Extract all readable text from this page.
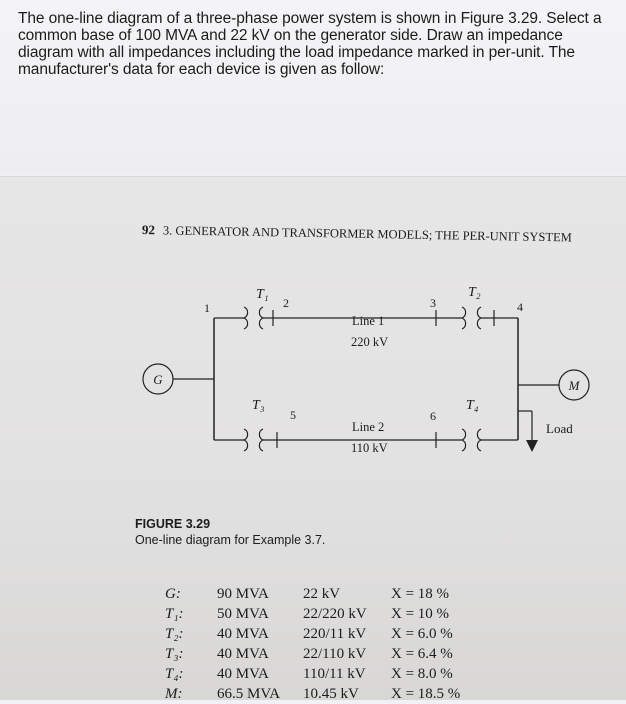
The one-line diagram of a three-phase power system is shown in Figure 3.29. Select a common base of 100 MVA and 22 kV on the generator side. Draw an impedance diagram with all impedances including the load impedance marked in per-unit. The manufacturer's data for each device is given as follow:

92 3. GENERATOR AND TRANSFORMER MODELS; THE PER-UNIT SYSTEM
G	M
Load
1	2	3	4
5	6
T₁	T₂
T₃	T₄
Line 1
220 kV
Line 2
110 kV
FIGURE 3.29
One-line diagram for Example 3.7.
G:	90 MVA	22 kV	X = 18 %
T₁:	50 MVA	22/220 kV	X = 10 %
T₂:	40 MVA	220/11 kV	X = 6.0 %
T₃:	40 MVA	22/110 kV	X = 6.4 %
T₄:	40 MVA	110/11 kV	X = 8.0 %
M:	66.5 MVA	10.45 kV	X = 18.5 %
